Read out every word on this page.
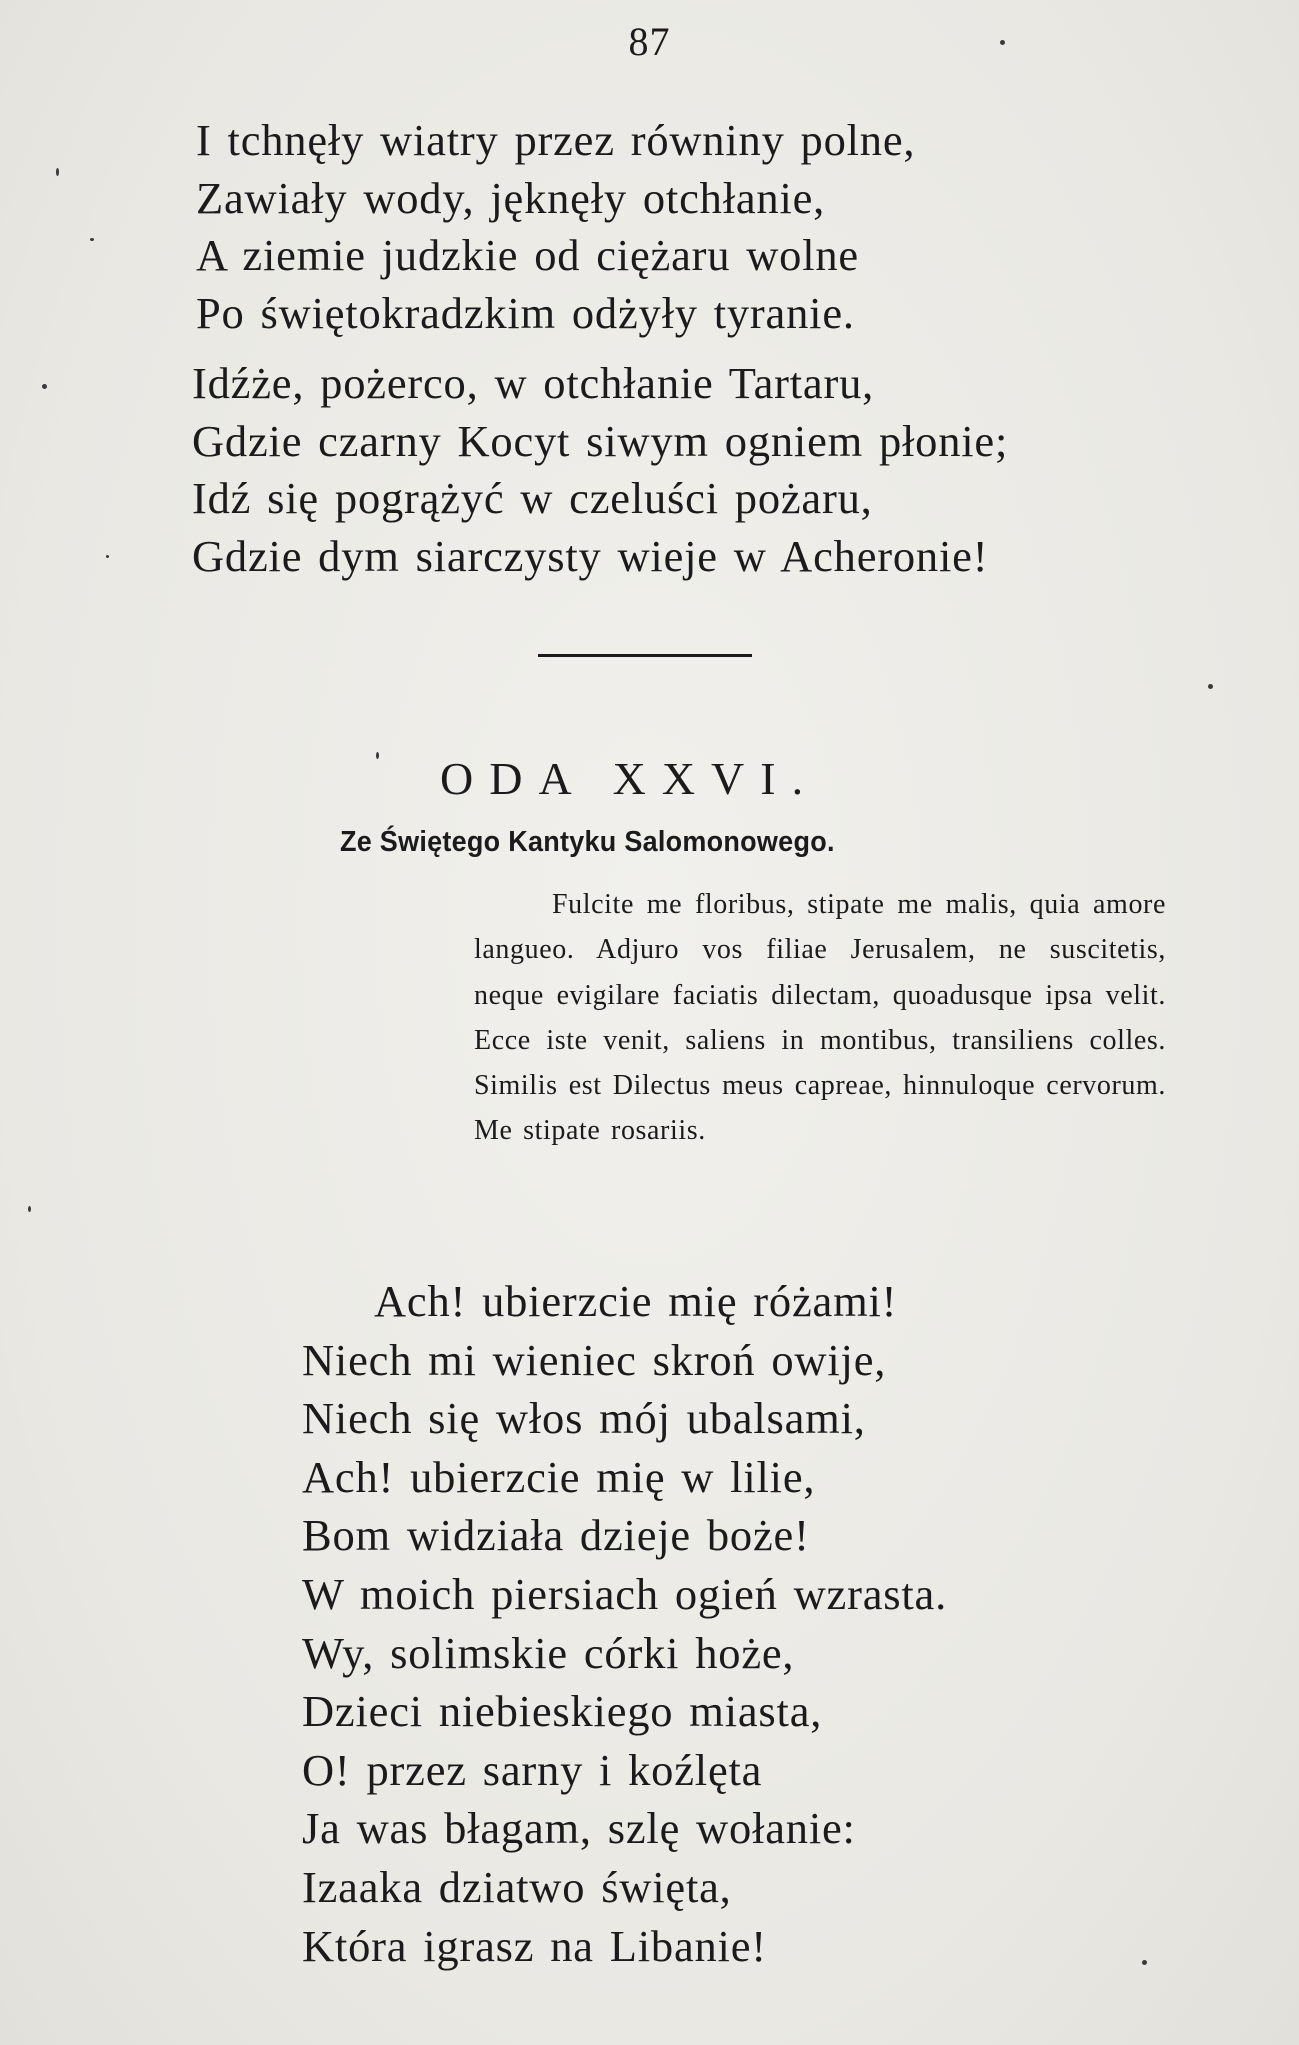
87
I tchnęły wiatry przez równiny polne,
Zawiały wody, jęknęły otchłanie,
A ziemie judzkie od ciężaru wolne
Po świętokradzkim odżyły tyranie.
Idźże, pożerco, w otchłanie Tartaru,
Gdzie czarny Kocyt siwym ogniem płonie;
Idź się pogrążyć w czeluści pożaru,
Gdzie dym siarczysty wieje w Acheronie!
ODA XXVI.
Ze Świętego Kantyku Salomonowego.

Fulcite me floribus, stipate me malis, quia amore langueo. Adjuro vos filiae Jerusalem, ne suscitetis, neque evigilare faciatis dilectam, quoadusque ipsa velit. Ecce iste venit, saliens in montibus, transiliens colles. Similis est Dilectus meus capreae, hinnuloque cervorum. Me stipate rosariis.

Ach! ubierzcie mię różami!
Niech mi wieniec skroń owije,
Niech się włos mój ubalsami,
Ach! ubierzcie mię w lilie,
Bom widziała dzieje boże!
W moich piersiach ogień wzrasta.
Wy, solimskie córki hoże,
Dzieci niebieskiego miasta,
O! przez sarny i koźlęta
Ja was błagam, szlę wołanie:
Izaaka dziatwo święta,
Która igrasz na Libanie!
